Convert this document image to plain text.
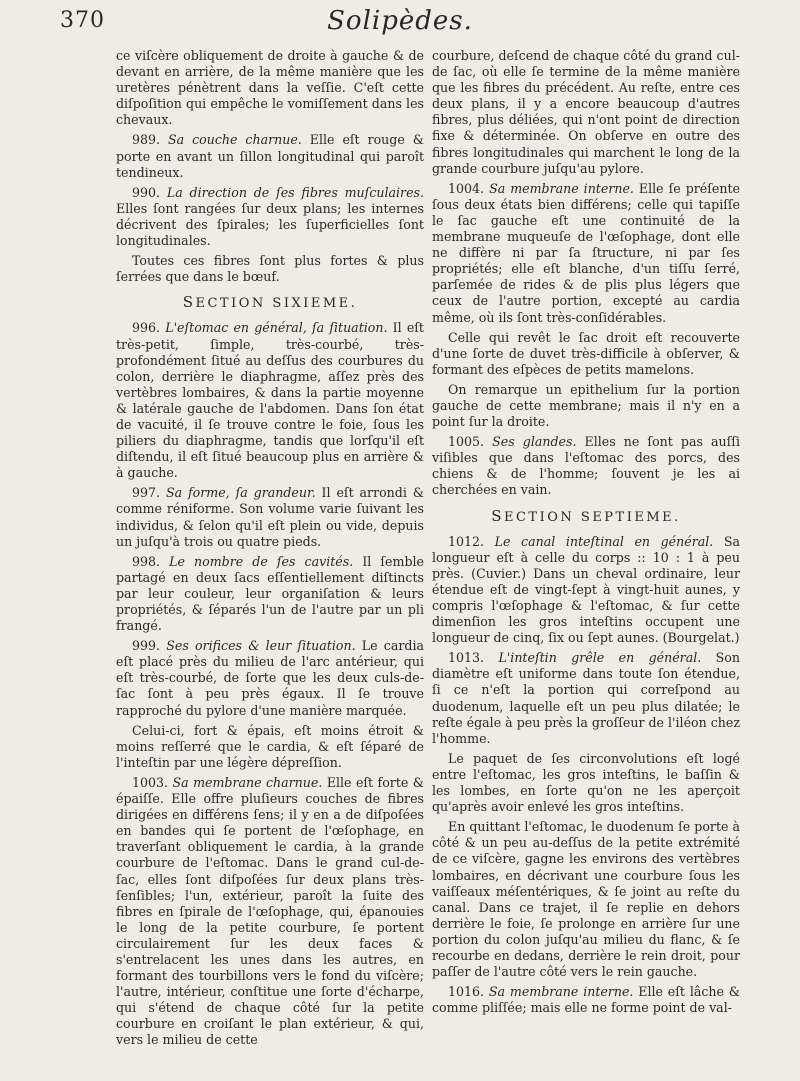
370	Solipèdes.

ce viſcère obliquement de droite à gauche & de devant en arrière, de la même manière que les uretères pénètrent dans la veſſie. C'eſt cette diſpoſition qui empêche le vomiſſement dans les chevaux.

989. Sa couche charnue. Elle eſt rouge & porte en avant un ſillon longitudinal qui paroît tendineux.

990. La direction de ſes fibres muſculaires. Elles ſont rangées ſur deux plans; les internes décrivent des ſpirales; les ſuperficielles ſont longitudinales.

Toutes ces fibres ſont plus fortes & plus ſerrées que dans le bœuf.

SECTION SIXIEME.

996. L'eſtomac en général, ſa ſituation. Il eſt très-petit, ſimple, très-courbé, très-profondément ſitué au deſſus des courbures du colon, derrière le diaphragme, aſſez près des vertèbres lombaires, & dans la partie moyenne & latérale gauche de l'abdomen. Dans ſon état de vacuité, il ſe trouve contre le foie, ſous les piliers du diaphragme, tandis que lorſqu'il eſt diſtendu, il eſt ſitué beaucoup plus en arrière & à gauche.

997. Sa forme, ſa grandeur. Il eſt arrondi & comme réniforme. Son volume varie ſuivant les individus, & ſelon qu'il eſt plein ou vide, depuis un juſqu'à trois ou quatre pieds.

998. Le nombre de ſes cavités. Il ſemble partagé en deux ſacs eſſentiellement diſtincts par leur couleur, leur organiſation & leurs propriétés, & ſéparés l'un de l'autre par un pli frangé.

999. Ses orifices & leur ſituation. Le cardia eſt placé près du milieu de l'arc antérieur, qui eſt très-courbé, de ſorte que les deux culs-de-ſac ſont à peu près égaux. Il ſe trouve rapproché du pylore d'une manière marquée.

Celui-ci, fort & épais, eſt moins étroit & moins reſſerré que le cardia, & eſt ſéparé de l'inteſtin par une légère dépreſſion.

1003. Sa membrane charnue. Elle eſt forte & épaiſſe. Elle offre pluſieurs couches de fibres dirigées en différens ſens; il y en a de diſpoſées en bandes qui ſe portent de l'œſophage, en traverſant obliquement le cardia, à la grande courbure de l'eſtomac. Dans le grand cul-de-ſac, elles ſont diſpoſées ſur deux plans très-ſenſibles; l'un, extérieur, paroît la ſuite des fibres en ſpirale de l'œſophage, qui, épanouies le long de la petite courbure, ſe portent circulairement ſur les deux faces & s'entrelacent les unes dans les autres, en formant des tourbillons vers le fond du viſcère; l'autre, intérieur, conſtitue une ſorte d'écharpe, qui s'étend de chaque côté ſur la petite courbure en croiſant le plan extérieur, & qui, vers le milieu de cette

courbure, deſcend de chaque côté du grand cul-de ſac, où elle ſe termine de la même manière que les fibres du précédent. Au reſte, entre ces deux plans, il y a encore beaucoup d'autres fibres, plus déliées, qui n'ont point de direction fixe & déterminée. On obſerve en outre des fibres longitudinales qui marchent le long de la grande courbure juſqu'au pylore.

1004. Sa membrane interne. Elle ſe préſente ſous deux états bien différens; celle qui tapiſſe le ſac gauche eſt une continuité de la membrane muqueuſe de l'œſophage, dont elle ne diffère ni par ſa ſtructure, ni par ſes propriétés; elle eſt blanche, d'un tiſſu ſerré, parſemée de rides & de plis plus légers que ceux de l'autre portion, excepté au cardia même, où ils ſont très-conſidérables.

Celle qui revêt le ſac droit eſt recouverte d'une ſorte de duvet très-difficile à obſerver, & formant des eſpèces de petits mamelons.

On remarque un epithelium ſur la portion gauche de cette membrane; mais il n'y en a point ſur la droite.

1005. Ses glandes. Elles ne ſont pas auſſi viſibles que dans l'eſtomac des porcs, des chiens & de l'homme; ſouvent je les ai cherchées en vain.

SECTION SEPTIEME.

1012. Le canal inteſtinal en général. Sa longueur eſt à celle du corps :: 10 : 1 à peu près. (Cuvier.) Dans un cheval ordinaire, leur étendue eſt de vingt-ſept à vingt-huit aunes, y compris l'œſophage & l'eſtomac, & ſur cette dimenſion les gros inteſtins occupent une longueur de cinq, ſix ou ſept aunes. (Bourgelat.)

1013. L'inteſtin grêle en général. Son diamètre eſt uniforme dans toute ſon étendue, ſi ce n'eſt la portion qui correſpond au duodenum, laquelle eſt un peu plus dilatée; le reſte égale à peu près la groſſeur de l'iléon chez l'homme.

Le paquet de ſes circonvolutions eſt logé entre l'eſtomac, les gros inteſtins, le baſſin & les lombes, en ſorte qu'on ne les aperçoit qu'après avoir enlevé les gros inteſtins.

En quittant l'eſtomac, le duodenum ſe porte à côté & un peu au-deſſus de la petite extrémité de ce viſcère, gagne les environs des vertèbres lombaires, en décrivant une courbure ſous les vaiſſeaux méſentériques, & ſe joint au reſte du canal. Dans ce trajet, il ſe replie en dehors derrière le foie, ſe prolonge en arrière ſur une portion du colon juſqu'au milieu du flanc, & ſe recourbe en dedans, derrière le rein droit, pour paſſer de l'autre côté vers le rein gauche.

1016. Sa membrane interne. Elle eſt lâche & comme pliſſée; mais elle ne forme point de val-
